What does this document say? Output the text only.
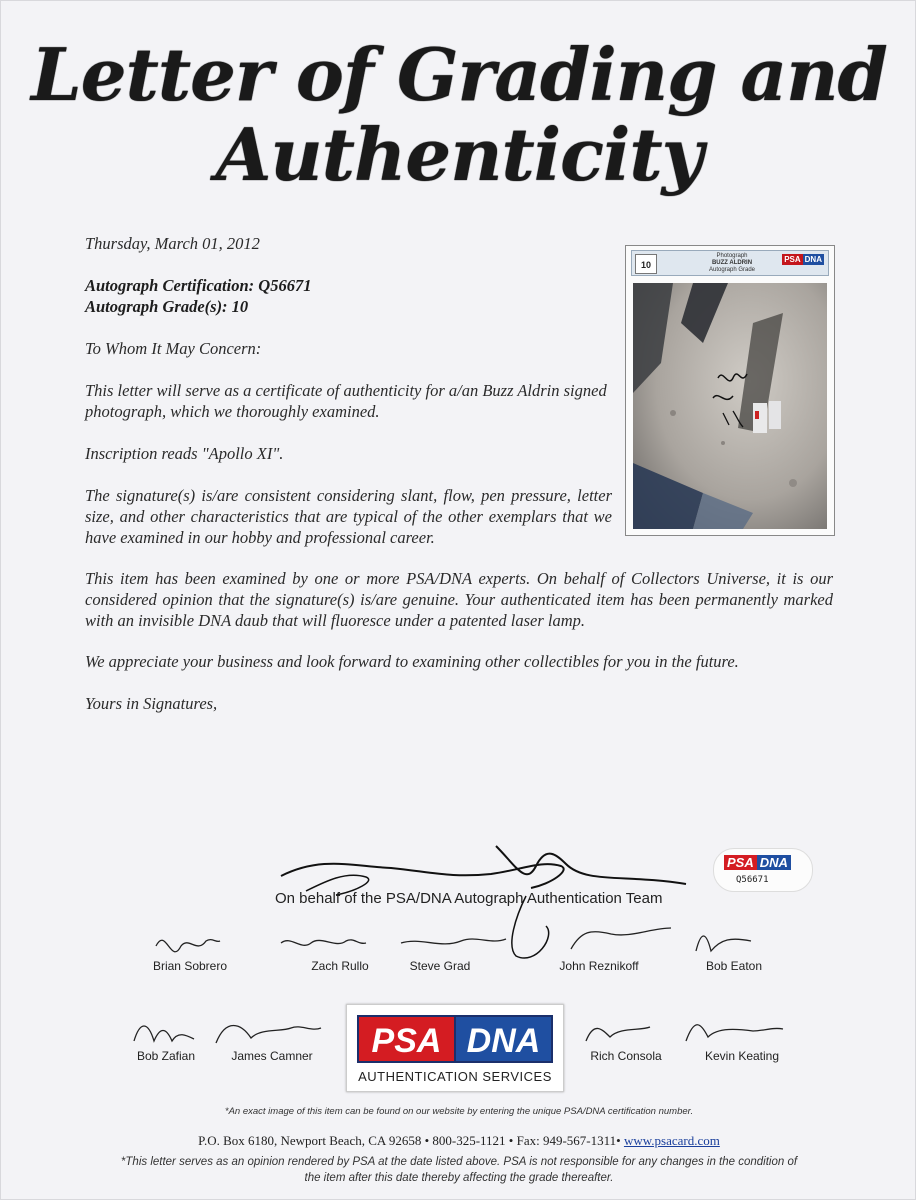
Letter of Grading and
Authenticity
Thursday, March 01, 2012
Autograph Certification: Q56671
Autograph Grade(s): 10
To Whom It May Concern:
This letter will serve as a certificate of authenticity for a/an Buzz Aldrin signed photograph, which we thoroughly examined.
Inscription reads "Apollo XI".
The signature(s) is/are consistent considering slant, flow, pen pressure, letter size, and other characteristics that are typical of the other exemplars that we have examined in our hobby and professional career.
This item has been examined by one or more PSA/DNA experts. On behalf of Collectors Universe, it is our considered opinion that the signature(s) is/are genuine. Your authenticated item has been permanently marked with an invisible DNA daub that will fluoresce under a patented laser lamp.
We appreciate your business and look forward to examining other collectibles for you in the future.
Yours in Signatures,
10
Photograph
BUZZ ALDRIN
Autograph Grade
PSA DNA
On behalf of the PSA/DNA Autograph Authentication Team
PSA DNA
Q56671
Brian Sobrero	Zach Rullo	Steve Grad	John Reznikoff	Bob Eaton
Bob Zafian	James Camner	Rich Consola	Kevin Keating
PSA DNA
AUTHENTICATION SERVICES
*An exact image of this item can be found on our website by entering the unique PSA/DNA certification number.
P.O. Box 6180, Newport Beach, CA 92658 • 800-325-1121 • Fax: 949-567-1311• www.psacard.com
*This letter serves as an opinion rendered by PSA at the date listed above. PSA is not responsible for any changes in the condition of
the item after this date thereby affecting the grade thereafter.
